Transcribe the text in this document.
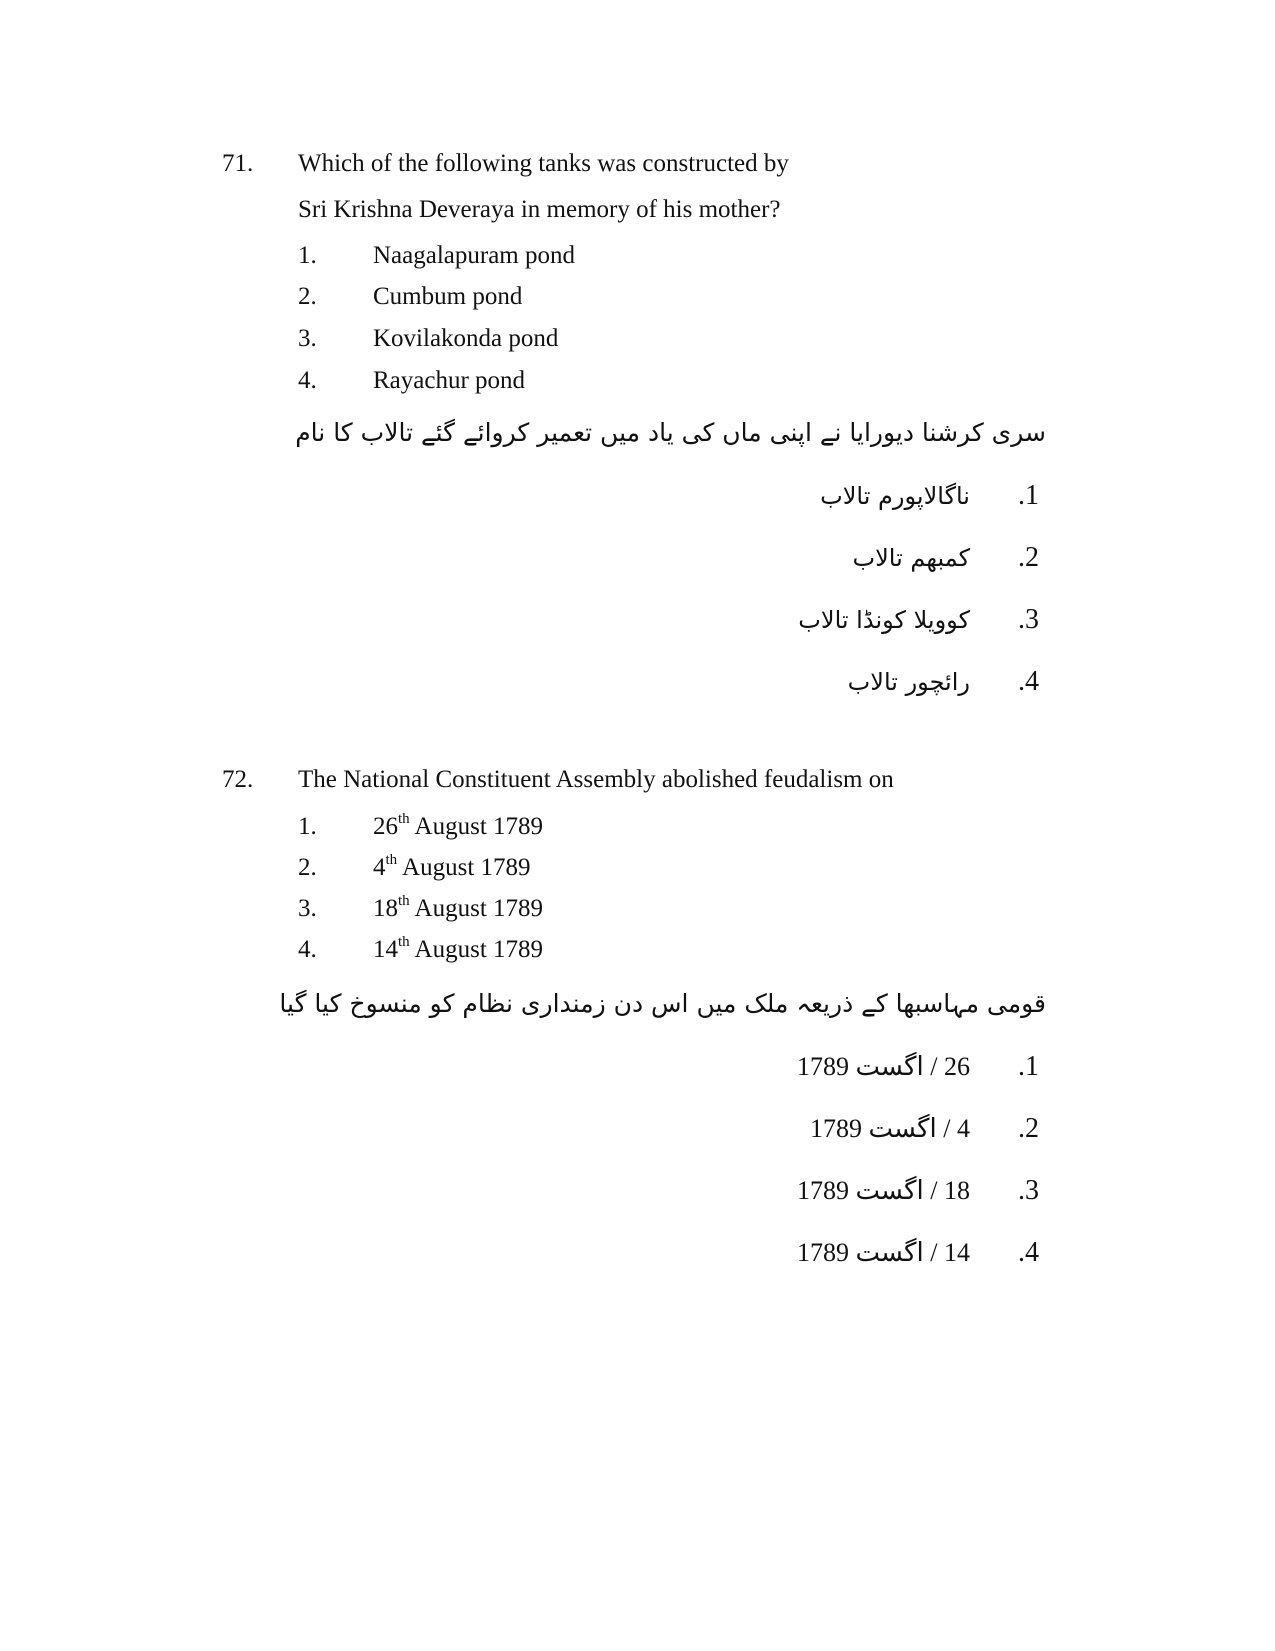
71. Which of the following tanks was constructed by
Sri Krishna Deveraya in memory of his mother?
1. Naagalapuram pond
2. Cumbum pond
3. Kovilakonda pond
4. Rayachur pond
سری کرشنا دیورایا نے اپنی ماں کی یاد میں تعمیر کروائے گئے تالاب کا نام
.1
ناگالاپورم تالاب
.2
کمبھم تالاب
.3
کوویلا کونڈا تالاب
.4
رائچور تالاب
72. The National Constituent Assembly abolished feudalism on
1. 26th August 1789
2. 4th August 1789
3. 18th August 1789
4. 14th August 1789
قومی مہاسبھا کے ذریعہ ملک میں اس دن زمنداری نظام کو منسوخ کیا گیا
.1
26 / اگست 1789
.2
4 / اگست 1789
.3
18 / اگست 1789
.4
14 / اگست 1789
